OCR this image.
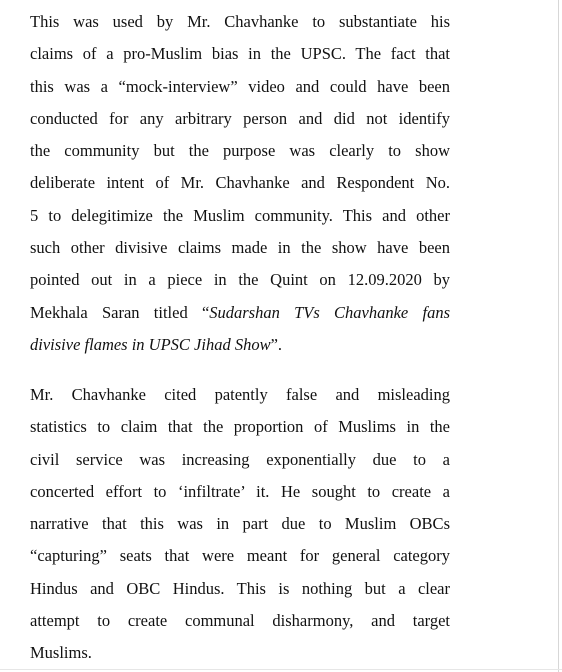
This was used by Mr. Chavhanke to substantiate his
claims of a pro-Muslim bias in the UPSC. The fact that
this was a “mock-interview” video and could have been
conducted for any arbitrary person and did not identify
the community but the purpose was clearly to show
deliberate intent of Mr. Chavhanke and Respondent No.
5 to delegitimize the Muslim community. This and other
such other divisive claims made in the show have been
pointed out in a piece in the Quint on 12.09.2020 by
Mekhala Saran titled “Sudarshan TVs Chavhanke fans
divisive flames in UPSC Jihad Show”.
Mr. Chavhanke cited patently false and misleading
statistics to claim that the proportion of Muslims in the
civil service was increasing exponentially due to a
concerted effort to ‘infiltrate’ it. He sought to create a
narrative that this was in part due to Muslim OBCs
“capturing” seats that were meant for general category
Hindus and OBC Hindus. This is nothing but a clear
attempt to create communal disharmony, and target
Muslims.
